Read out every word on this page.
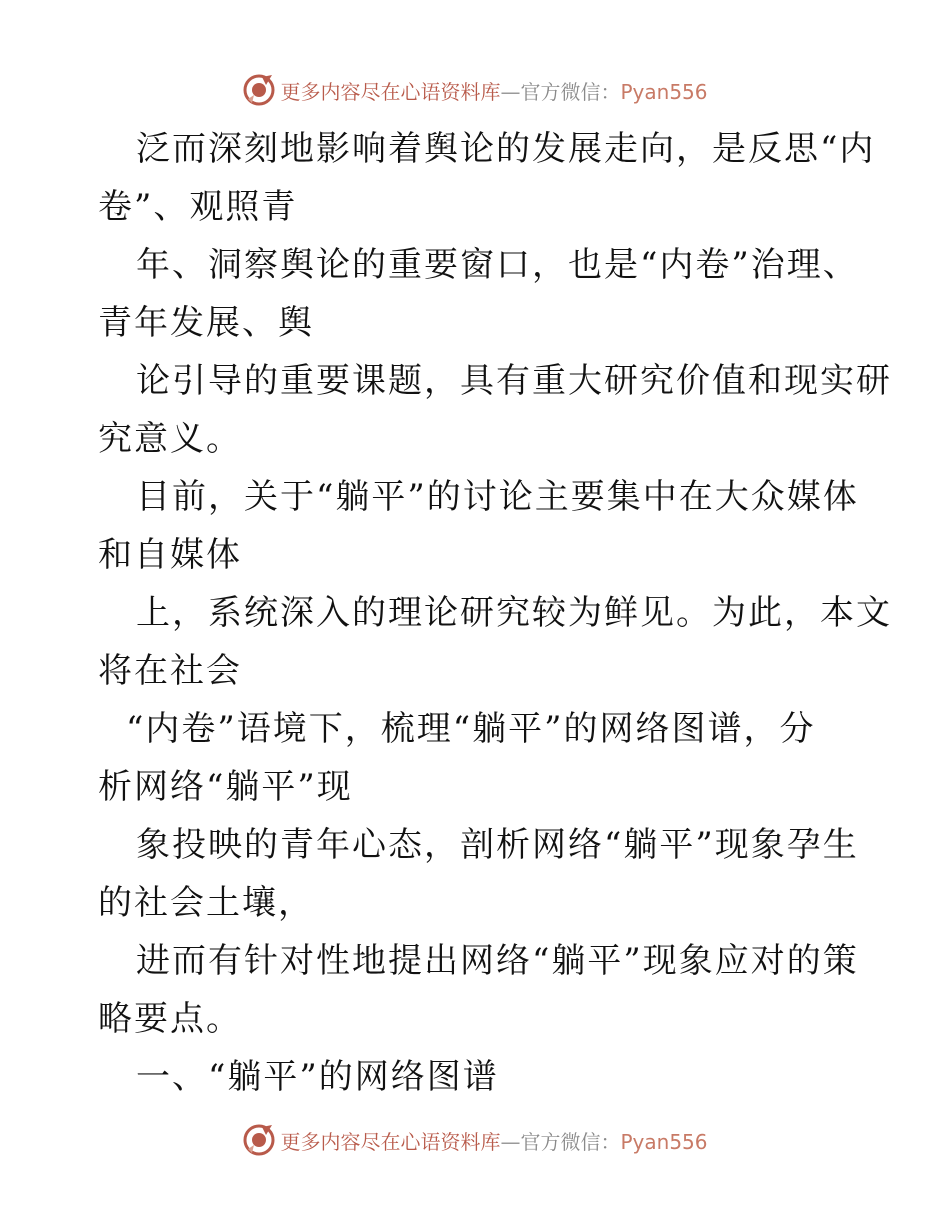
更多内容尽在心语资料库—官方微信：Pyan556

泛而深刻地影响着舆论的发展走向，是反思“内
卷”、观照青

年、洞察舆论的重要窗口，也是“内卷”治理、
青年发展、舆

论引导的重要课题，具有重大研究价值和现实研
究意义。

目前，关于“躺平”的讨论主要集中在大众媒体
和自媒体

上，系统深入的理论研究较为鲜见。为此，本文
将在社会

“内卷”语境下，梳理“躺平”的网络图谱，分
析网络“躺平”现

象投映的青年心态，剖析网络“躺平”现象孕生
的社会土壤，

进而有针对性地提出网络“躺平”现象应对的策
略要点。

一、“躺平”的网络图谱

更多内容尽在心语资料库—官方微信：Pyan556
